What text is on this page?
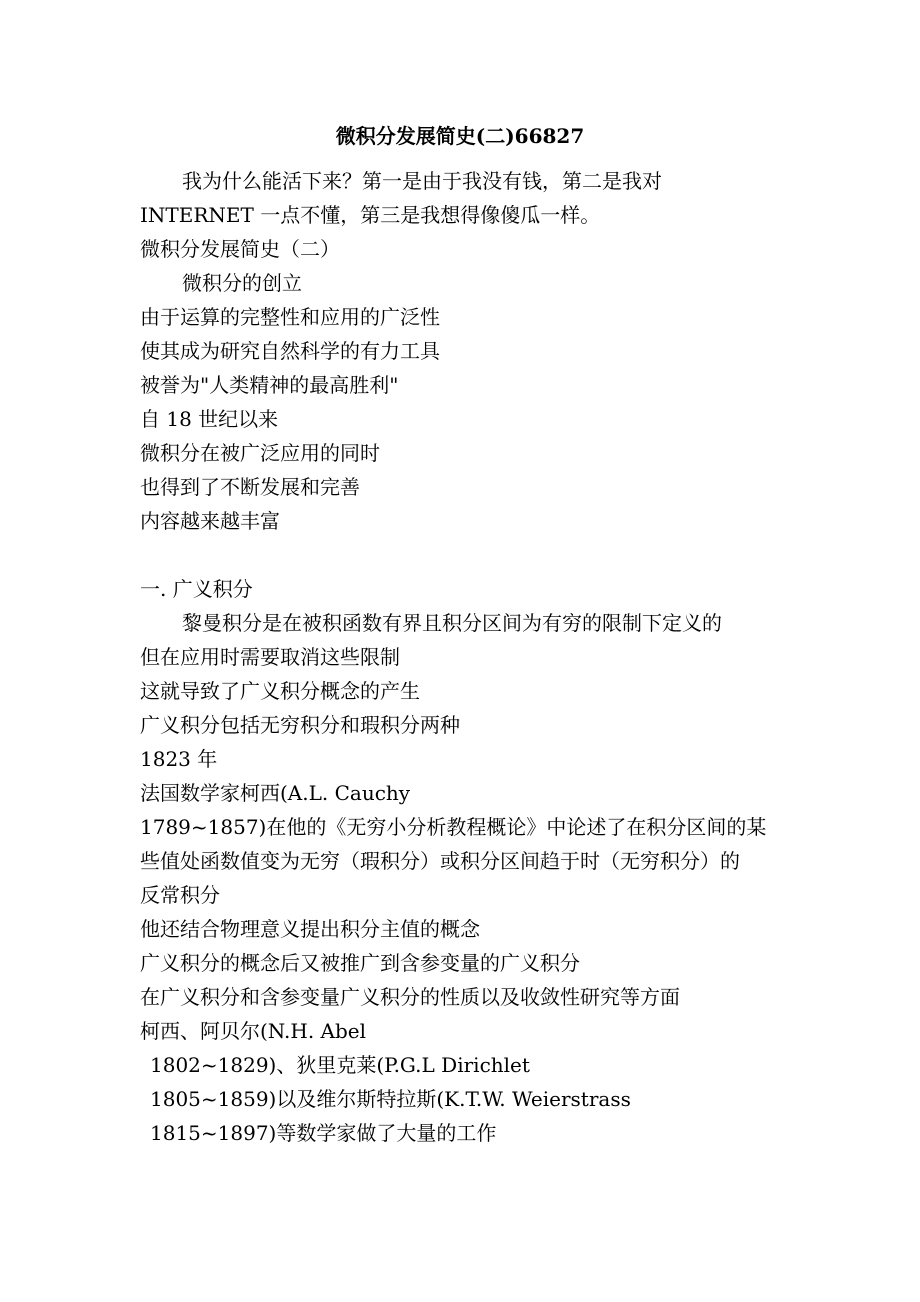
微积分发展简史(二)66827
我为什么能活下来？第一是由于我没有钱，第二是我对
INTERNET 一点不懂，第三是我想得像傻瓜一样。
微积分发展简史（二）
微积分的创立
由于运算的完整性和应用的广泛性
使其成为研究自然科学的有力工具
被誉为"人类精神的最高胜利"
自 18 世纪以来
微积分在被广泛应用的同时
也得到了不断发展和完善
内容越来越丰富
一. 广义积分
黎曼积分是在被积函数有界且积分区间为有穷的限制下定义的
但在应用时需要取消这些限制
这就导致了广义积分概念的产生
广义积分包括无穷积分和瑕积分两种
1823 年
法国数学家柯西(A.L. Cauchy
1789~1857)在他的《无穷小分析教程概论》中论述了在积分区间的某
些值处函数值变为无穷（瑕积分）或积分区间趋于时（无穷积分）的
反常积分
他还结合物理意义提出积分主值的概念
广义积分的概念后又被推广到含参变量的广义积分
在广义积分和含参变量广义积分的性质以及收敛性研究等方面
柯西、阿贝尔(N.H. Abel
1802~1829)、狄里克莱(P.G.L Dirichlet
1805~1859)以及维尔斯特拉斯(K.T.W. Weierstrass
1815~1897)等数学家做了大量的工作
